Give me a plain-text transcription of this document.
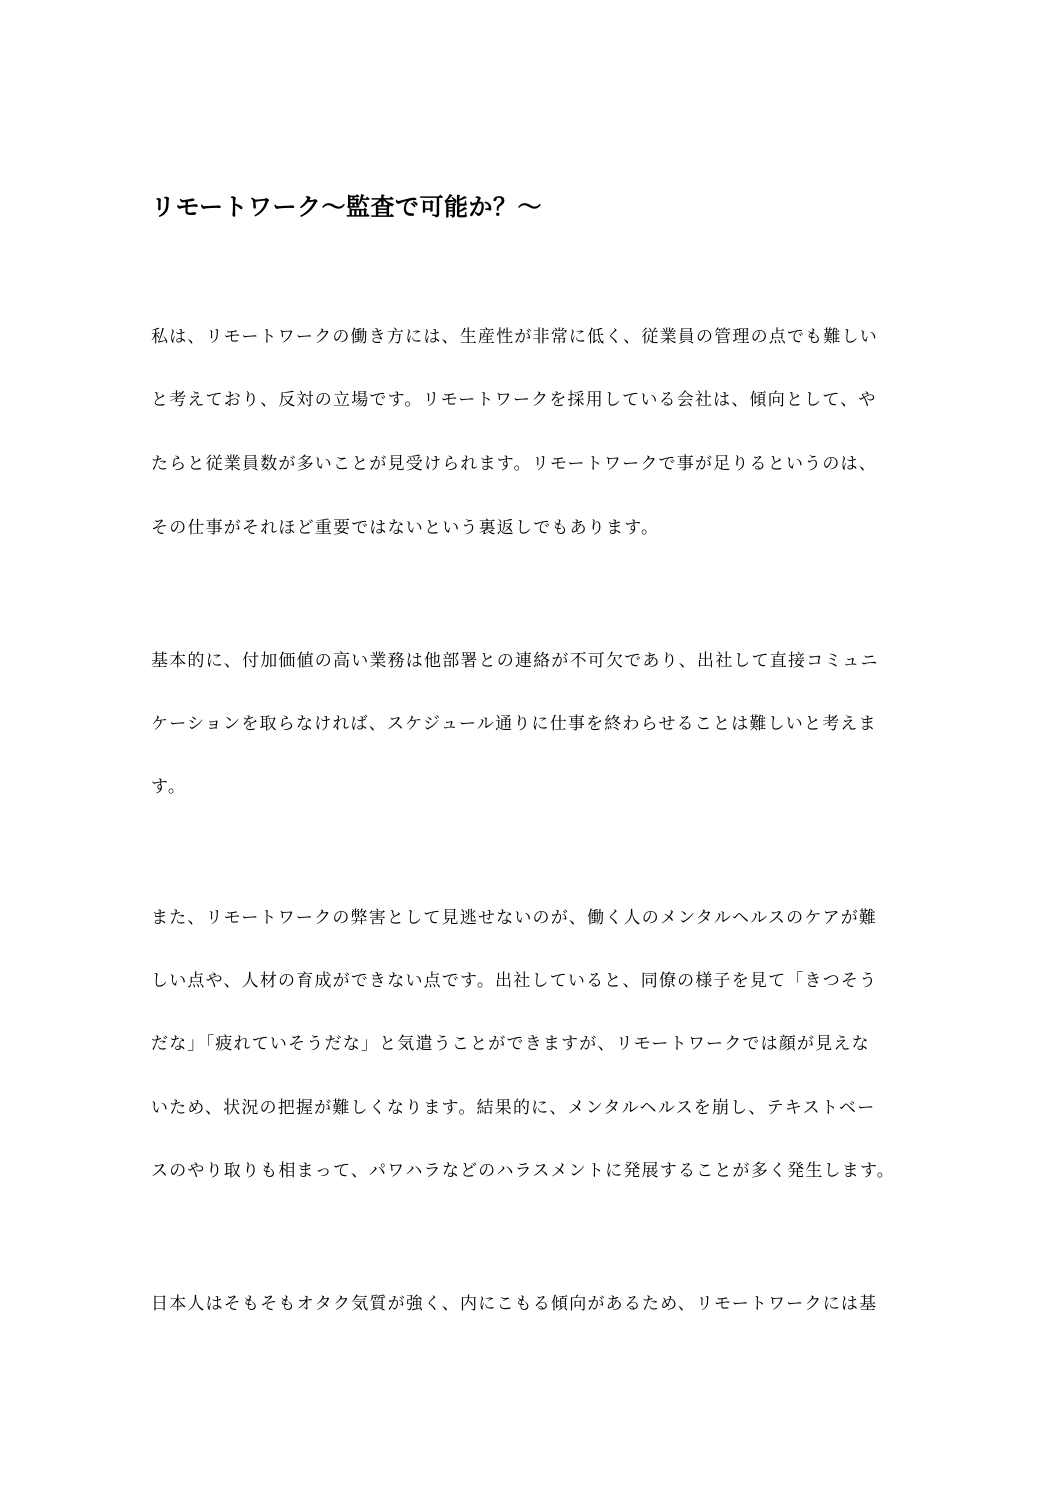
リモートワーク〜監査で可能か？〜
私は、リモートワークの働き方には、生産性が非常に低く、従業員の管理の点でも難しい
と考えており、反対の立場です。リモートワークを採用している会社は、傾向として、や
たらと従業員数が多いことが見受けられます。リモートワークで事が足りるというのは、
その仕事がそれほど重要ではないという裏返しでもあります。
基本的に、付加価値の高い業務は他部署との連絡が不可欠であり、出社して直接コミュニ
ケーションを取らなければ、スケジュール通りに仕事を終わらせることは難しいと考えま
す。
また、リモートワークの弊害として見逃せないのが、働く人のメンタルヘルスのケアが難
しい点や、人材の育成ができない点です。出社していると、同僚の様子を見て「きつそう
だな」「疲れていそうだな」と気遣うことができますが、リモートワークでは顔が見えな
いため、状況の把握が難しくなります。結果的に、メンタルヘルスを崩し、テキストベー
スのやり取りも相まって、パワハラなどのハラスメントに発展することが多く発生します。
日本人はそもそもオタク気質が強く、内にこもる傾向があるため、リモートワークには基
